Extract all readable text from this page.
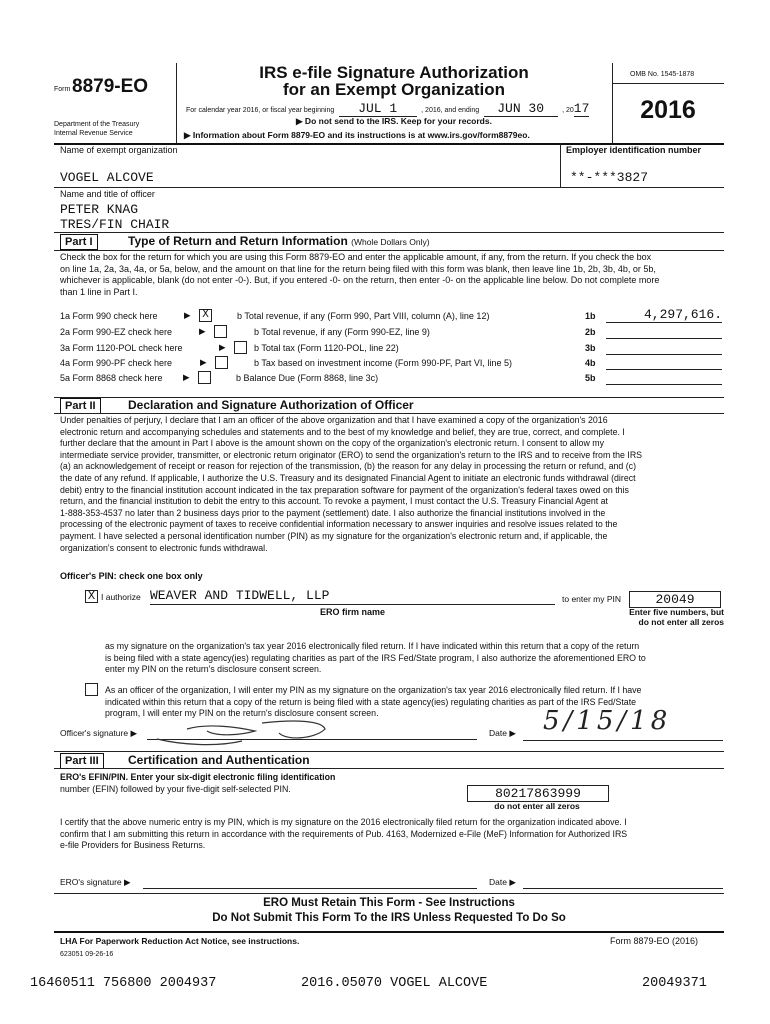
Form 8879-EO
Department of the Treasury
Internal Revenue Service
IRS e-file Signature Authorization
for an Exempt Organization
For calendar year 2016, or fiscal year beginning JUL 1	, 2016, and ending JUN 30	, 2017
▶ Do not send to the IRS. Keep for your records.
▶ Information about Form 8879-EO and its instructions is at www.irs.gov/form8879eo.
OMB No. 1545-1878
2016
Name of exempt organization	Employer identification number
VOGEL ALCOVE	**-***3827
Name and title of officer
PETER KNAG
TRES/FIN CHAIR
Part I	Type of Return and Return Information (Whole Dollars Only)
Check the box for the return for which you are using this Form 8879-EO and enter the applicable amount, if any, from the return. If you check the box
on line 1a, 2a, 3a, 4a, or 5a, below, and the amount on that line for the return being filed with this form was blank, then leave line 1b, 2b, 3b, 4b, or 5b,
whichever is applicable, blank (do not enter -0-). But, if you entered -0- on the return, then enter -0- on the applicable line below. Do not complete more
than 1 line in Part I.
1a Form 990 check here	▶ X	b Total revenue, if any (Form 990, Part VIII, column (A), line 12)	1b	4,297,616.
2a Form 990-EZ check here	▶	b Total revenue, if any (Form 990-EZ, line 9)	2b
3a Form 1120-POL check here	▶	b Total tax (Form 1120-POL, line 22)	3b
4a Form 990-PF check here	▶	b Tax based on investment income (Form 990-PF, Part VI, line 5)	4b
5a Form 8868 check here ▶	b Balance Due (Form 8868, line 3c)	5b
Part II	Declaration and Signature Authorization of Officer
Under penalties of perjury, I declare that I am an officer of the above organization and that I have examined a copy of the organization's 2016
electronic return and accompanying schedules and statements and to the best of my knowledge and belief, they are true, correct, and complete. I
further declare that the amount in Part I above is the amount shown on the copy of the organization's electronic return. I consent to allow my
intermediate service provider, transmitter, or electronic return originator (ERO) to send the organization's return to the IRS and to receive from the IRS
(a) an acknowledgement of receipt or reason for rejection of the transmission, (b) the reason for any delay in processing the return or refund, and (c)
the date of any refund. If applicable, I authorize the U.S. Treasury and its designated Financial Agent to initiate an electronic funds withdrawal (direct
debit) entry to the financial institution account indicated in the tax preparation software for payment of the organization's federal taxes owed on this
return, and the financial institution to debit the entry to this account. To revoke a payment, I must contact the U.S. Treasury Financial Agent at
1-888-353-4537 no later than 2 business days prior to the payment (settlement) date. I also authorize the financial institutions involved in the
processing of the electronic payment of taxes to receive confidential information necessary to answer inquiries and resolve issues related to the
payment. I have selected a personal identification number (PIN) as my signature for the organization's electronic return and, if applicable, the
organization's consent to electronic funds withdrawal.
Officer's PIN: check one box only
X I authorize WEAVER AND TIDWELL, LLP
ERO firm name
to enter my PIN	20049
Enter five numbers, but
do not enter all zeros
as my signature on the organization's tax year 2016 electronically filed return. If I have indicated within this return that a copy of the return
is being filed with a state agency(ies) regulating charities as part of the IRS Fed/State program, I also authorize the aforementioned ERO to
enter my PIN on the return's disclosure consent screen.
As an officer of the organization, I will enter my PIN as my signature on the organization's tax year 2016 electronically filed return. If I have
indicated within this return that a copy of the return is being filed with a state agency(ies) regulating charities as part of the IRS Fed/State
program, I will enter my PIN on the return's disclosure consent screen.
Officer's signature ▶	Date ▶ 5/15/18
Part III	Certification and Authentication
ERO's EFIN/PIN. Enter your six-digit electronic filing identification
number (EFIN) followed by your five-digit self-selected PIN.	80217863999
do not enter all zeros
I certify that the above numeric entry is my PIN, which is my signature on the 2016 electronically filed return for the organization indicated above. I
confirm that I am submitting this return in accordance with the requirements of Pub. 4163, Modernized e-File (MeF) Information for Authorized IRS
e-file Providers for Business Returns.
ERO's signature ▶	Date ▶
ERO Must Retain This Form - See Instructions
Do Not Submit This Form To the IRS Unless Requested To Do So
LHA For Paperwork Reduction Act Notice, see instructions.	Form 8879-EO (2016)
623051 09-26-16
16460511 756800 2004937	2016.05070 VOGEL ALCOVE	20049371
